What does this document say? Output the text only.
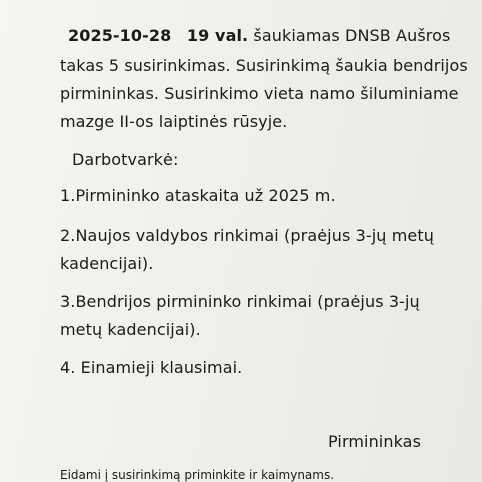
2025-10-28 19 val. šaukiamas DNSB Aušros
takas 5 susirinkimas. Susirinkimą šaukia bendrijos
pirmininkas. Susirinkimo vieta namo šiluminiame
mazge II-os laiptinės rūsyje.
Darbotvarkė:
1.Pirmininko ataskaita už 2025 m.
2.Naujos valdybos rinkimai (praėjus 3-jų metų
kadencijai).
3.Bendrijos pirmininko rinkimai (praėjus 3-jų
metų kadencijai).
4. Einamieji klausimai.
Pirmininkas
Eidami į susirinkimą priminkite ir kaimynams.
